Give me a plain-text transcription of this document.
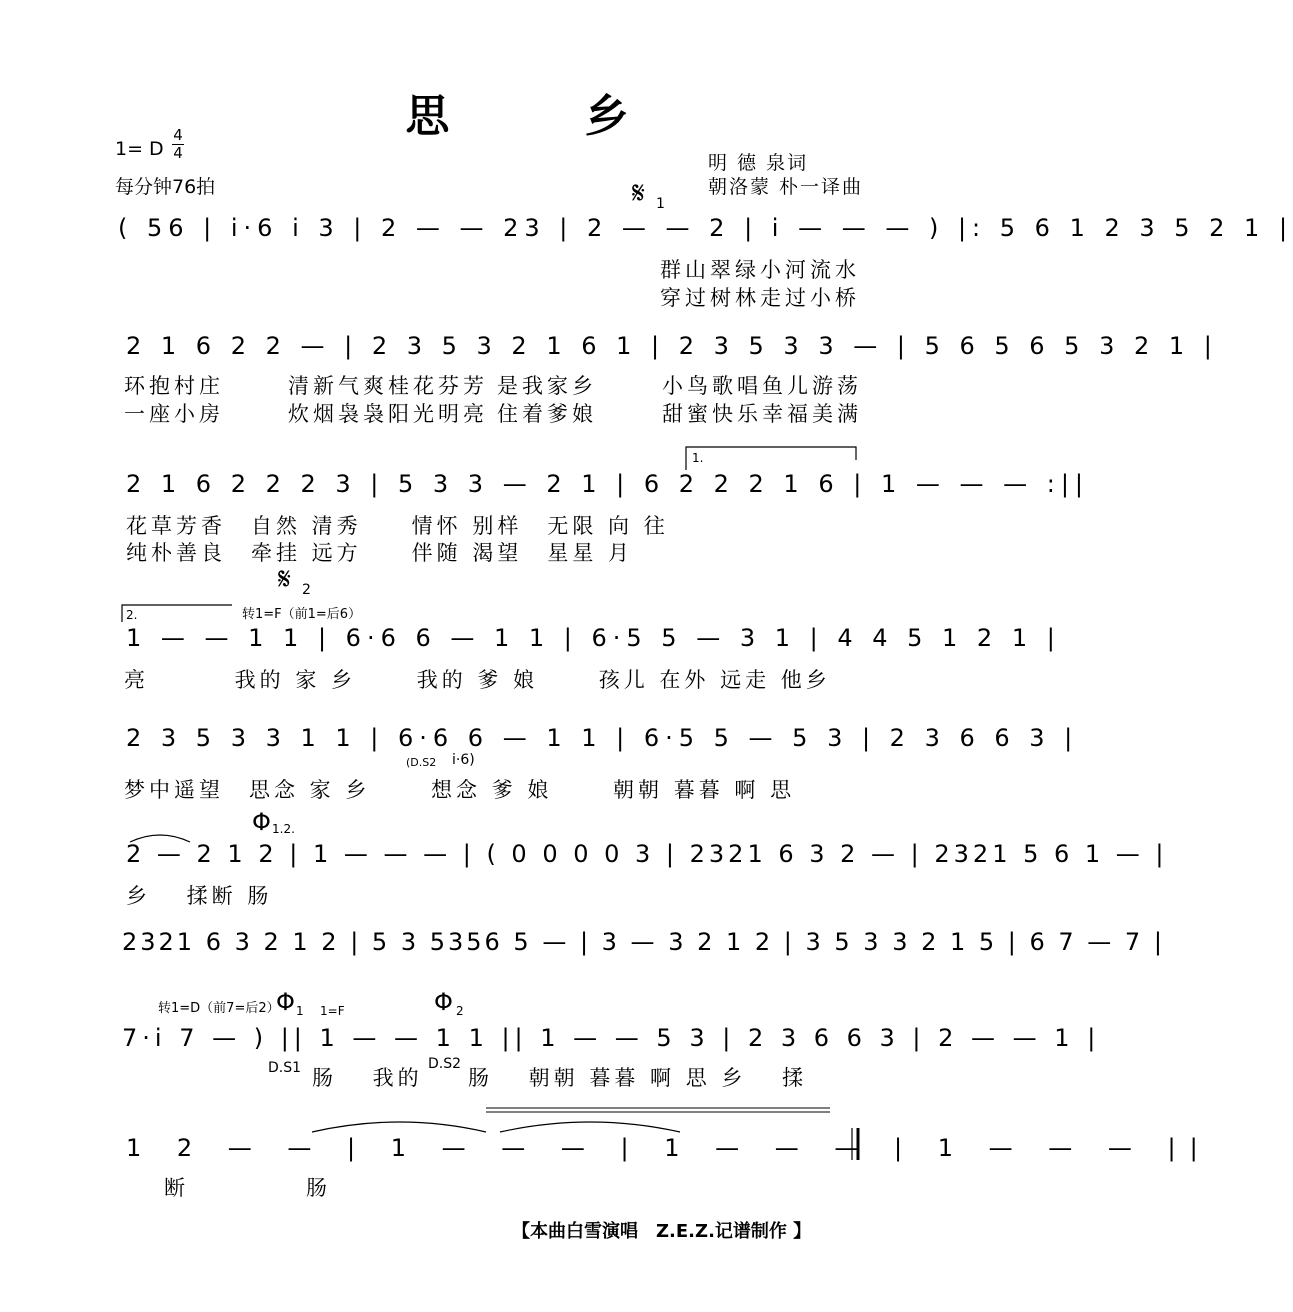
思 乡
1= D
4
4
每分钟76拍
明 德 泉词
朝洛蒙 朴一译曲
𝄋 1
𝄋 2
转1=F（前1=后6）
转1=D（前7=后2）
Φ 1.2.
Φ 1 1=F	Φ 2
1.
2.
(D.S2 i·6)
D.S1	D.S2
( 56 | i·6 i 3 | 2 — — 23 | 2 — — 2 | i — — — ) |: 5 6 1 2 3 5 2 1 |
2 1 6 2 2 — | 2 3 5 3 2 1 6 1 | 2 3 5 3 3 — | 5 6 5 6 5 3 2 1 |
2 1 6 2 2 2 3 | 5 3 3 — 2 1 | 6 2 2 2 1 6 | 1 — — — :||
1 — — 1 1 | 6·6 6 — 1 1 | 6·5 5 — 3 1 | 4 4 5 1 2 1 |
2 3 5 3 3 1 1 | 6·6 6 — 1 1 | 6·5 5 — 5 3 | 2 3 6 6 3 |
2 — 2 1 2 | 1 — — — | ( 0 0 0 0 3 | 2321 6 3 2 — | 2321 5 6 1 — |
2321 6 3 2 1 2 | 5 3 5356 5 — | 3 — 3 2 1 2 | 3 5 3 3 2 1 5 | 6 7 — 7 |
7·i 7 — ) || 1 — — 1 1 || 1 — — 5 3 | 2 3 6 6 3 | 2 — — 1 |
1 2 — — | 1 — — — | 1 — — — | 1 — — — ||
群山翠绿小河流水
穿过树林走过小桥
环抱村庄	清新气爽桂花芬芳 是我家乡	小鸟歌唱鱼儿游荡
一座小房	炊烟袅袅阳光明亮 住着爹娘	甜蜜快乐幸福美满
花草芳香　自然 清秀　　情怀 别样　无限 向 往
纯朴善良　牵挂 远方　　伴随 渴望　星星 月
亮　　　 我的 家 乡　　 我的 爹 娘　　 孩儿 在外 远走 他乡
梦中遥望　思念 家 乡　　 想念 爹 娘　　 朝朝 暮暮 啊 思
乡　 揉断 肠
肠　 我的 肠　 朝朝 暮暮 啊 思 乡　 揉
断	肠
【本曲白雪演唱　Z.E.Z.记谱制作 】
